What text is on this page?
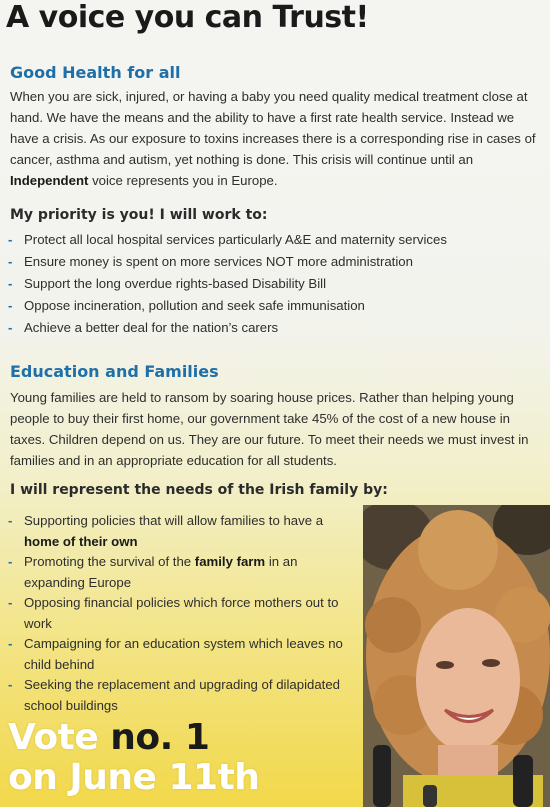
A voice you can Trust!
Good Health for all

When you are sick, injured, or having a baby you need quality medical treatment close at hand. We have the means and the ability to have a first rate health service. Instead we have a crisis. As our exposure to toxins increases there is a corresponding rise in cases of cancer, asthma and autism, yet nothing is done. This crisis will continue until an Independent voice represents you in Europe.

My priority is you! I will work to:
- Protect all local hospital services particularly A&E and maternity services
- Ensure money is spent on more services NOT more administration
- Support the long overdue rights-based Disability Bill
- Oppose incineration, pollution and seek safe immunisation
- Achieve a better deal for the nation’s carers
Education and Families

Young families are held to ransom by soaring house prices. Rather than helping young people to buy their first home, our government take 45% of the cost of a new house in taxes. Children depend on us. They are our future. To meet their needs we must invest in families and in an appropriate education for all students.

I will represent the needs of the Irish family by:
- Supporting policies that will allow families to have a home of their own
- Promoting the survival of the family farm in an expanding Europe
- Opposing financial policies which force mothers out to work
- Campaigning for an education system which leaves no child behind
- Seeking the replacement and upgrading of dilapidated school buildings
Vote no. 1
on June 11th
